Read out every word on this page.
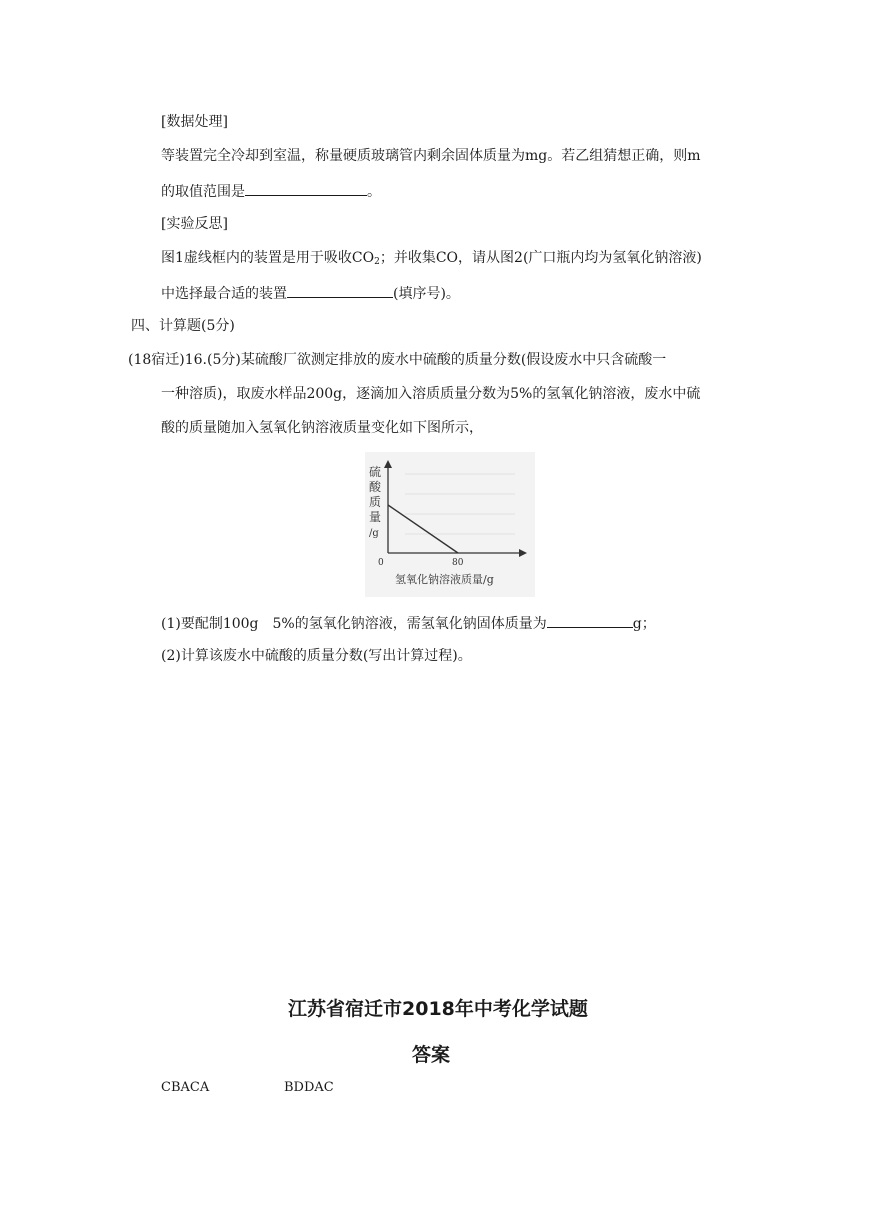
[数据处理]
等装置完全冷却到室温，称量硬质玻璃管内剩余固体质量为mg。若乙组猜想正确，则m
的取值范围是	。
[实验反思]
图1虚线框内的装置是用于吸收$CO_2$；并收集CO，请从图2(广口瓶内均为氢氧化钠溶液)
中选择最合适的装置	(填序号)。
四、计算题(5分)
(18宿迁)16.(5分)某硫酸厂欲测定排放的废水中硫酸的质量分数(假设废水中只含硫酸一
一种溶质)，取废水样品200g，逐滴加入溶质质量分数为5%的氢氧化钠溶液，废水中硫
酸的质量随加入氢氧化钠溶液质量变化如下图所示，
硫
酸
质
量
/g
0	80
氢氧化钠溶液质量/g
(1)要配制100g　5%的氢氧化钠溶液，需氢氧化钠固体质量为	g；
(2)计算该废水中硫酸的质量分数(写出计算过程)。
江苏省宿迁市2018年中考化学试题
答案
CBACA	BDDAC
